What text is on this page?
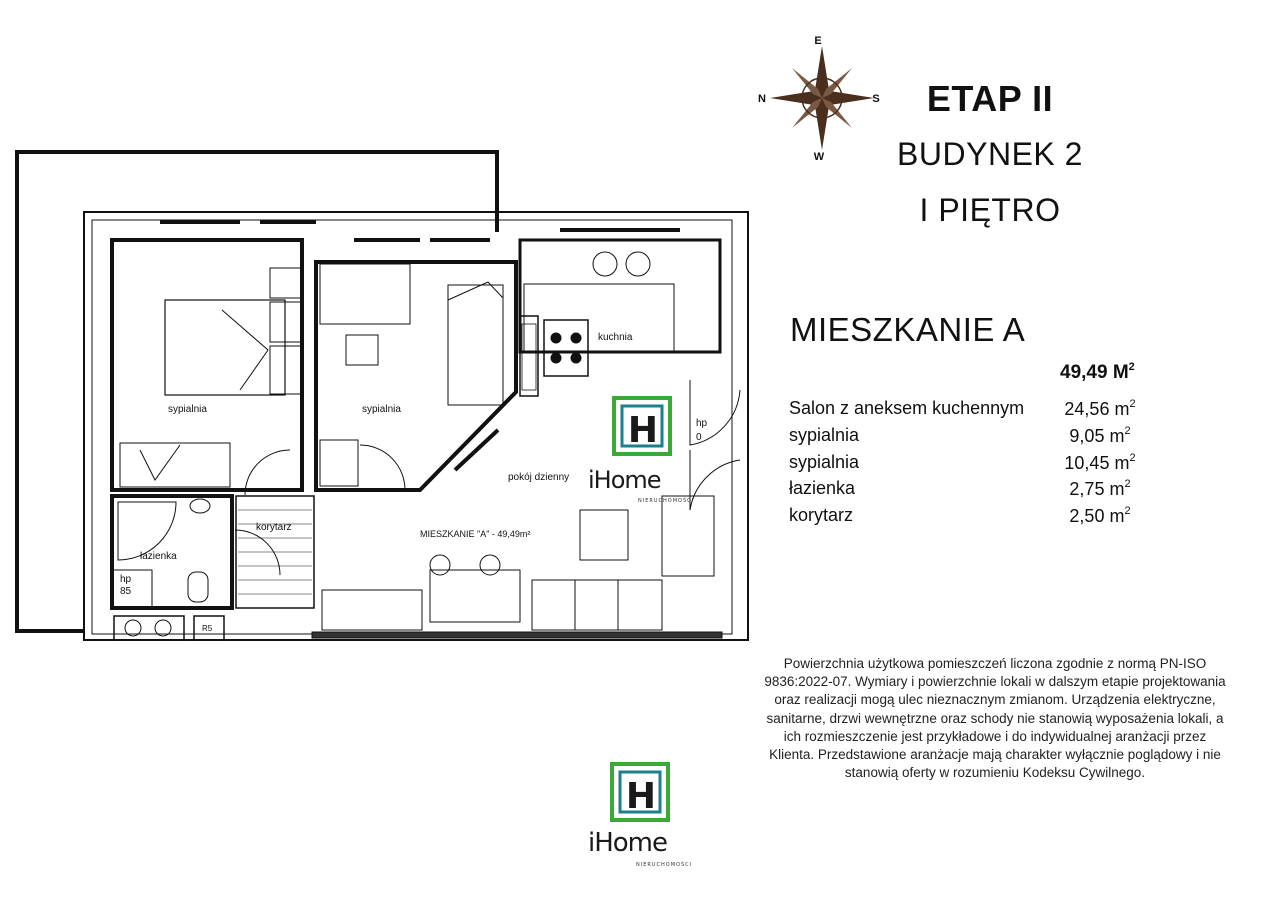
sypialnia	sypialnia
kuchnia
pokój dzienny
łazienka
korytarz
MIESZKANIE "A" - 49,49m²
hp
0
hp
85
R5
N
E
S
W
ETAP II
BUDYNEK 2
I PIĘTRO
MIESZKANIE A
49,49 $M^2$
Salon z aneksem kuchennym	24,56 $m^2$
sypialnia	9,05 $m^2$
sypialnia	10,45 $m^2$
łazienka	2,75 $m^2$
korytarz	2,50 $m^2$
Powierzchnia użytkowa pomieszczeń liczona zgodnie z normą PN-ISO 9836:2022-07. Wymiary i powierzchnie lokali w dalszym etapie projektowania oraz realizacji mogą ulec nieznacznym zmianom. Urządzenia elektryczne, sanitarne, drzwi wewnętrzne oraz schody nie stanowią wyposażenia lokali, a ich rozmieszczenie jest przykładowe i do indywidualnej aranżacji przez Klienta. Przedstawione aranżacje mają charakter wyłącznie poglądowy i nie stanowią oferty w rozumieniu Kodeksu Cywilnego.
H
iHome
NIERUCHOMOŚCI
H
iHome
NIERUCHOMOŚCI
